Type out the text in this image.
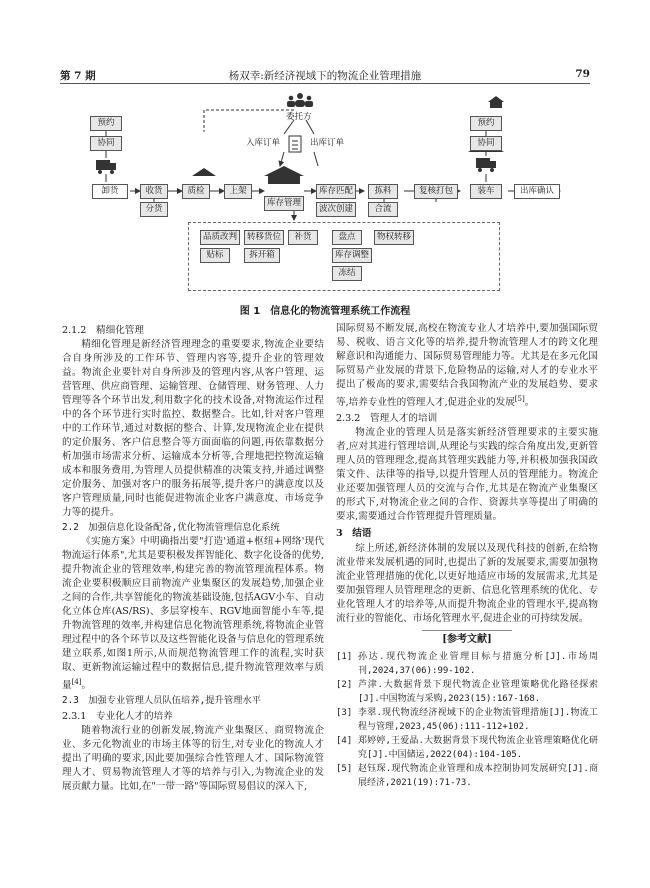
第 7 期	杨双幸:新经济视域下的物流企业管理措施	79
委托方
入库订单	出库订单
预约
协同
预约
协同
卸货	收货
分货
质检	上架
库存管理
库存匹配
波次创建
拣料
合流
复核打包	装车	出库确认
品质改判	转移货位	补货	盘点	物权转移
贴标	拆开箱	库存调整
冻结
图 1　信息化的物流管理系统工作流程
2.1.2　精细化管理

精细化管理是新经济管理理念的重要要求,物流企业要结合自身所涉及的工作环节、管理内容等,提升企业的管理效益。物流企业要针对自身所涉及的管理内容,从客户管理、运营管理、供应商管理、运输管理、仓储管理、财务管理、人力管理等各个环节出发,利用数字化的技术设备,对物流运作过程中的各个环节进行实时监控、数据整合。比如,针对客户管理中的工作环节,通过对数据的整合、计算,发现物流企业在提供的定价服务、客户信息整合等方面面临的问题,再依靠数据分析加强市场需求分析、运输成本分析等,合理地把控物流运输成本和服务费用,为管理人员提供精准的决策支持,并通过调整定价服务、加强对客户的服务拓展等,提升客户的满意度以及客户管理质量,同时也能促进物流企业客户满意度、市场竞争力等的提升。

2.2　加强信息化设备配备,优化物流管理信息化系统

《实施方案》中明确指出要"打造'通道+枢纽+网络'现代物流运行体系",尤其是要积极发挥智能化、数字化设备的优势,提升物流企业的管理效率,构建完善的物流管理流程体系。物流企业要积极顺应目前物流产业集聚区的发展趋势,加强企业之间的合作,共享智能化的物流基础设施,包括AGV小车、自动化立体仓库(AS/RS)、多层穿梭车、RGV地面智能小车等,提升物流管理的效率,并构建信息化物流管理系统,将物流企业管理过程中的各个环节以及这些智能化设备与信息化的管理系统建立联系,如图1所示,从而规范物流管理工作的流程,实时获取、更新物流运输过程中的数据信息,提升物流管理效率与质量[4]。

2.3　加强专业管理人员队伍培养,提升管理水平
2.3.1　专业化人才的培养

随着物流行业的创新发展,物流产业集聚区、商贸物流企业、多元化物流业的市场主体等的衍生,对专业化的物流人才提出了明确的要求,因此要加强综合性管理人才、国际物流管理人才、贸易物流管理人才等的培养与引入,为物流企业的发展贡献力量。比如,在"一带一路"等国际贸易倡议的深入下,

国际贸易不断发展,高校在物流专业人才培养中,要加强国际贸易、税收、语言文化等的培养,提升物流管理人才的跨文化理解意识和沟通能力、国际贸易管理能力等。尤其是在多元化国际贸易产业发展的背景下,危险物品的运输,对人才的专业水平提出了极高的要求,需要结合我国物流产业的发展趋势、要求等,培养专业性的管理人才,促进企业的发展[5]。
2.3.2　管理人才的培训

物流企业的管理人员是落实新经济管理要求的主要实施者,应对其进行管理培训,从理论与实践的综合角度出发,更新管理人员的管理理念,提高其管理实践能力等,并积极加强我国政策文件、法律等的指导,以提升管理人员的管理能力。物流企业还要加强管理人员的交流与合作,尤其是在物流产业集聚区的形式下,对物流企业之间的合作、资源共享等提出了明确的要求,需要通过合作管理提升管理质量。

3　结语

综上所述,新经济体制的发展以及现代科技的创新,在给物流业带来发展机遇的同时,也提出了新的发展要求,需要加强物流企业管理措施的优化,以更好地适应市场的发展需求,尤其是要加强管理人员管理理念的更新、信息化管理系统的优化、专业化管理人才的培养等,从而提升物流企业的管理水平,提高物流行业的智能化、市场化管理水平,促进企业的可持续发展。

[参考文献]
[1] 孙达.现代物流企业管理目标与措施分析[J].市场周刊,2024,37(06):99-102.
[2] 芦津.大数据背景下现代物流企业管理策略优化路径探索[J].中国物流与采购,2023(15):167-168.
[3] 李翠.现代物流经济视域下的企业物流管理措施[J].物流工程与管理,2023,45(06):111-112+102.
[4] 郑婷婷,王爱晶.大数据背景下现代物流企业管理策略优化研究[J].中国储运,2022(04):104-105.
[5] 赵钰琛.现代物流企业管理和成本控制协同发展研究[J].商展经济,2021(19):71-73.
